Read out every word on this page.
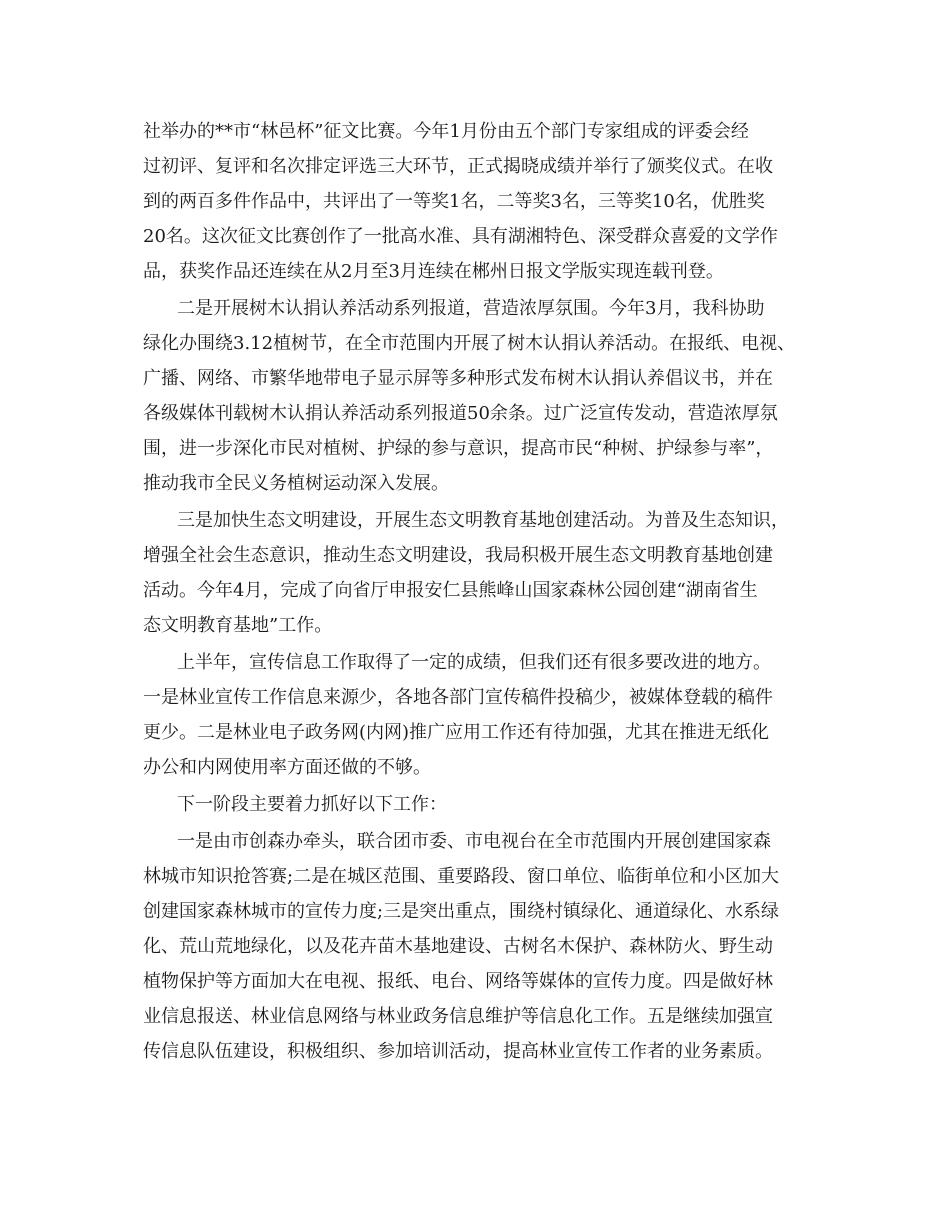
社举办的**市“林邑杯”征文比赛。今年1月份由五个部门专家组成的评委会经
过初评、复评和名次排定评选三大环节，正式揭晓成绩并举行了颁奖仪式。在收
到的两百多件作品中，共评出了一等奖1名，二等奖3名，三等奖10名，优胜奖
20名。这次征文比赛创作了一批高水准、具有湖湘特色、深受群众喜爱的文学作
品，获奖作品还连续在从2月至3月连续在郴州日报文学版实现连载刊登。
二是开展树木认捐认养活动系列报道，营造浓厚氛围。今年3月，我科协助
绿化办围绕3.12植树节，在全市范围内开展了树木认捐认养活动。在报纸、电视、
广播、网络、市繁华地带电子显示屏等多种形式发布树木认捐认养倡议书，并在
各级媒体刊载树木认捐认养活动系列报道50余条。过广泛宣传发动，营造浓厚氛
围，进一步深化市民对植树、护绿的参与意识，提高市民“种树、护绿参与率”，
推动我市全民义务植树运动深入发展。
三是加快生态文明建设，开展生态文明教育基地创建活动。为普及生态知识，
增强全社会生态意识，推动生态文明建设，我局积极开展生态文明教育基地创建
活动。今年4月，完成了向省厅申报安仁县熊峰山国家森林公园创建“湖南省生
态文明教育基地”工作。
上半年，宣传信息工作取得了一定的成绩，但我们还有很多要改进的地方。
一是林业宣传工作信息来源少，各地各部门宣传稿件投稿少，被媒体登载的稿件
更少。二是林业电子政务网(内网)推广应用工作还有待加强，尤其在推进无纸化
办公和内网使用率方面还做的不够。
下一阶段主要着力抓好以下工作：
一是由市创森办牵头，联合团市委、市电视台在全市范围内开展创建国家森
林城市知识抢答赛;二是在城区范围、重要路段、窗口单位、临街单位和小区加大
创建国家森林城市的宣传力度;三是突出重点，围绕村镇绿化、通道绿化、水系绿
化、荒山荒地绿化，以及花卉苗木基地建设、古树名木保护、森林防火、野生动
植物保护等方面加大在电视、报纸、电台、网络等媒体的宣传力度。四是做好林
业信息报送、林业信息网络与林业政务信息维护等信息化工作。五是继续加强宣
传信息队伍建设，积极组织、参加培训活动，提高林业宣传工作者的业务素质。
